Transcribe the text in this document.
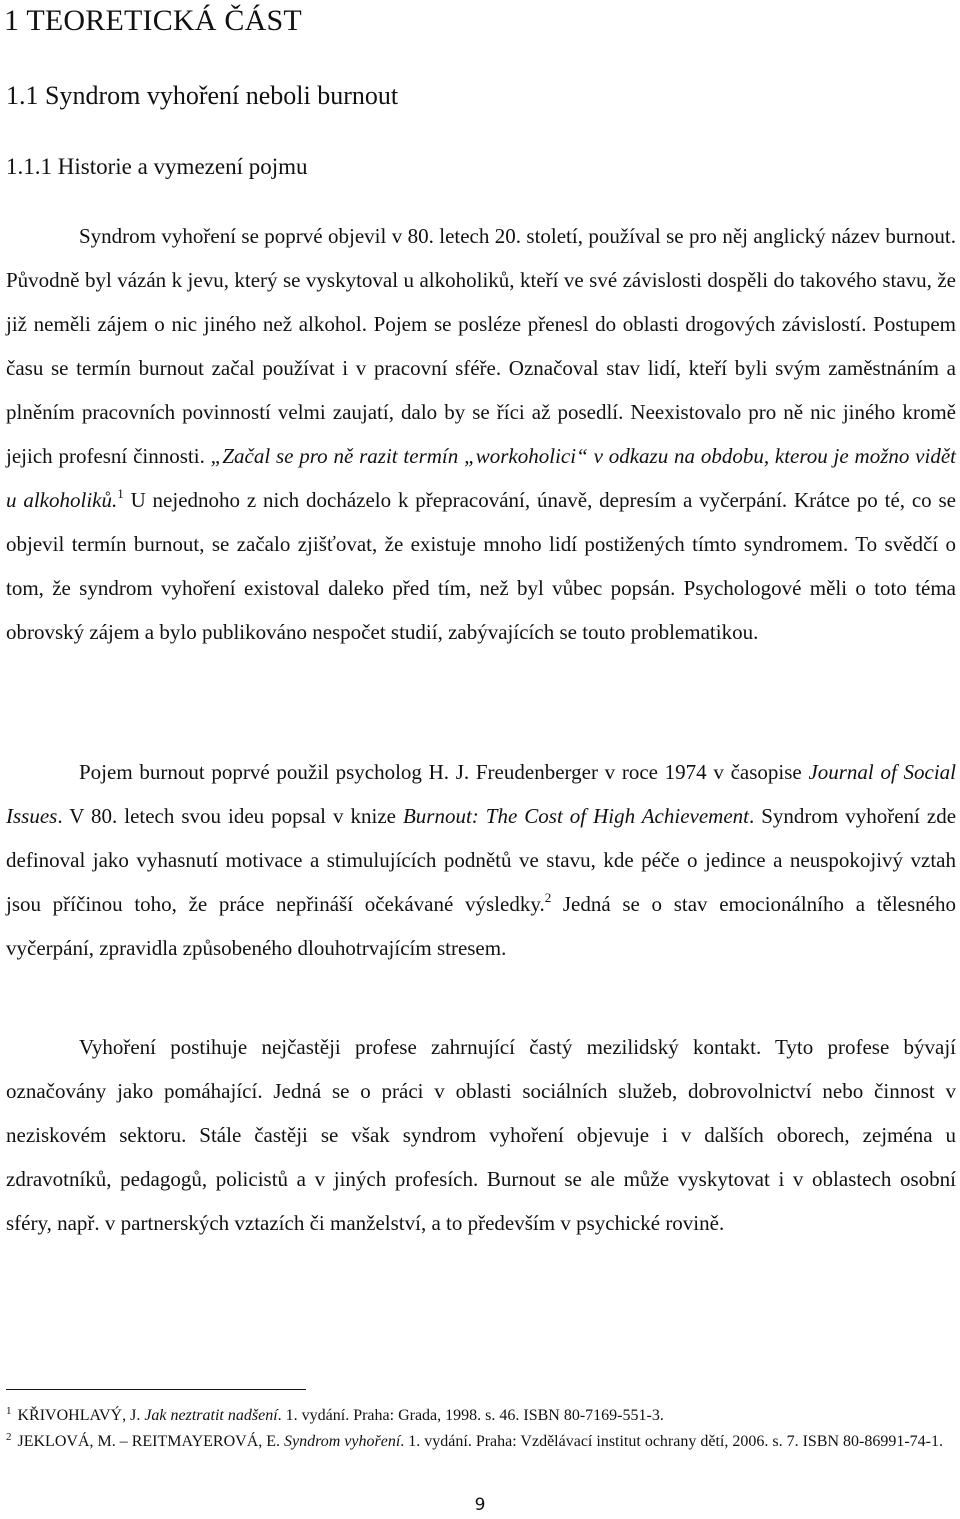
1 TEORETICKÁ ČÁST
1.1 Syndrom vyhoření neboli burnout
1.1.1 Historie a vymezení pojmu

Syndrom vyhoření se poprvé objevil v 80. letech 20. století, používal se pro něj anglický název burnout. Původně byl vázán k jevu, který se vyskytoval u alkoholiků, kteří ve své závislosti dospěli do takového stavu, že již neměli zájem o nic jiného než alkohol. Pojem se posléze přenesl do oblasti drogových závislostí. Postupem času se termín burnout začal používat i v pracovní sféře. Označoval stav lidí, kteří byli svým zaměstnáním a plněním pracovních povinností velmi zaujatí, dalo by se říci až posedlí. Neexistovalo pro ně nic jiného kromě jejich profesní činnosti. „Začal se pro ně razit termín „workoholici“ v odkazu na obdobu, kterou je možno vidět u alkoholiků.$^1$ U nejednoho z nich docházelo k přepracování, únavě, depresím a vyčerpání. Krátce po té, co se objevil termín burnout, se začalo zjišťovat, že existuje mnoho lidí postižených tímto syndromem. To svědčí o tom, že syndrom vyhoření existoval daleko před tím, než byl vůbec popsán. Psychologové měli o toto téma obrovský zájem a bylo publikováno nespočet studií, zabývajících se touto problematikou.

Pojem burnout poprvé použil psycholog H. J. Freudenberger v roce 1974 v časopise Journal of Social Issues. V 80. letech svou ideu popsal v knize Burnout: The Cost of High Achievement. Syndrom vyhoření zde definoval jako vyhasnutí motivace a stimulujících podnětů ve stavu, kde péče o jedince a neuspokojivý vztah jsou příčinou toho, že práce nepřináší očekávané výsledky.$^2$ Jedná se o stav emocionálního a tělesného vyčerpání, zpravidla způsobeného dlouhotrvajícím stresem.

Vyhoření postihuje nejčastěji profese zahrnující častý mezilidský kontakt. Tyto profese bývají označovány jako pomáhající. Jedná se o práci v oblasti sociálních služeb, dobrovolnictví nebo činnost v neziskovém sektoru. Stále častěji se však syndrom vyhoření objevuje i v dalších oborech, zejména u zdravotníků, pedagogů, policistů a v jiných profesích. Burnout se ale může vyskytovat i v oblastech osobní sféry, např. v partnerských vztazích či manželství, a to především v psychické rovině.

$^1$ KŘIVOHLAVÝ, J. Jak neztratit nadšení. 1. vydání. Praha: Grada, 1998. s. 46. ISBN 80-7169-551-3.

$^2$ JEKLOVÁ, M. – REITMAYEROVÁ, E. Syndrom vyhoření. 1. vydání. Praha: Vzdělávací institut ochrany dětí, 2006. s. 7. ISBN 80-86991-74-1.

9
